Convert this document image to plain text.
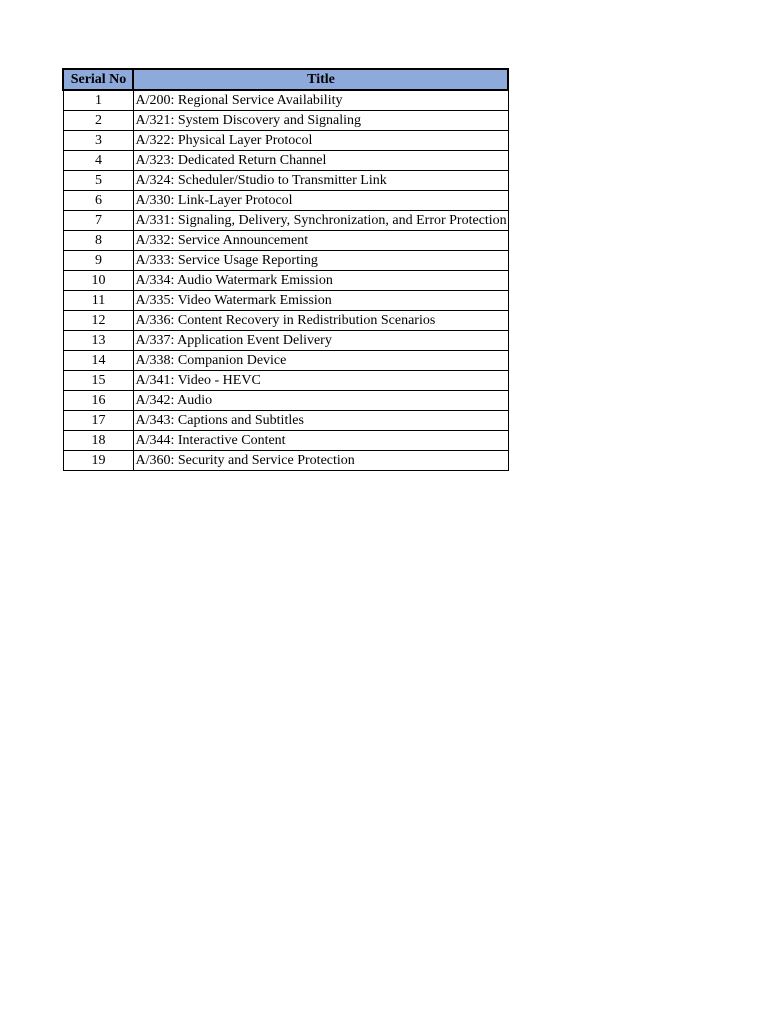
Serial No	Title
1	A/200: Regional Service Availability
2	A/321: System Discovery and Signaling
3	A/322: Physical Layer Protocol
4	A/323: Dedicated Return Channel
5	A/324: Scheduler/Studio to Transmitter Link
6	A/330: Link-Layer Protocol
7	A/331: Signaling, Delivery, Synchronization, and Error Protection
8	A/332: Service Announcement
9	A/333: Service Usage Reporting
10	A/334: Audio Watermark Emission
11	A/335: Video Watermark Emission
12	A/336: Content Recovery in Redistribution Scenarios
13	A/337: Application Event Delivery
14	A/338: Companion Device
15	A/341: Video - HEVC
16	A/342: Audio
17	A/343: Captions and Subtitles
18	A/344: Interactive Content
19	A/360: Security and Service Protection
